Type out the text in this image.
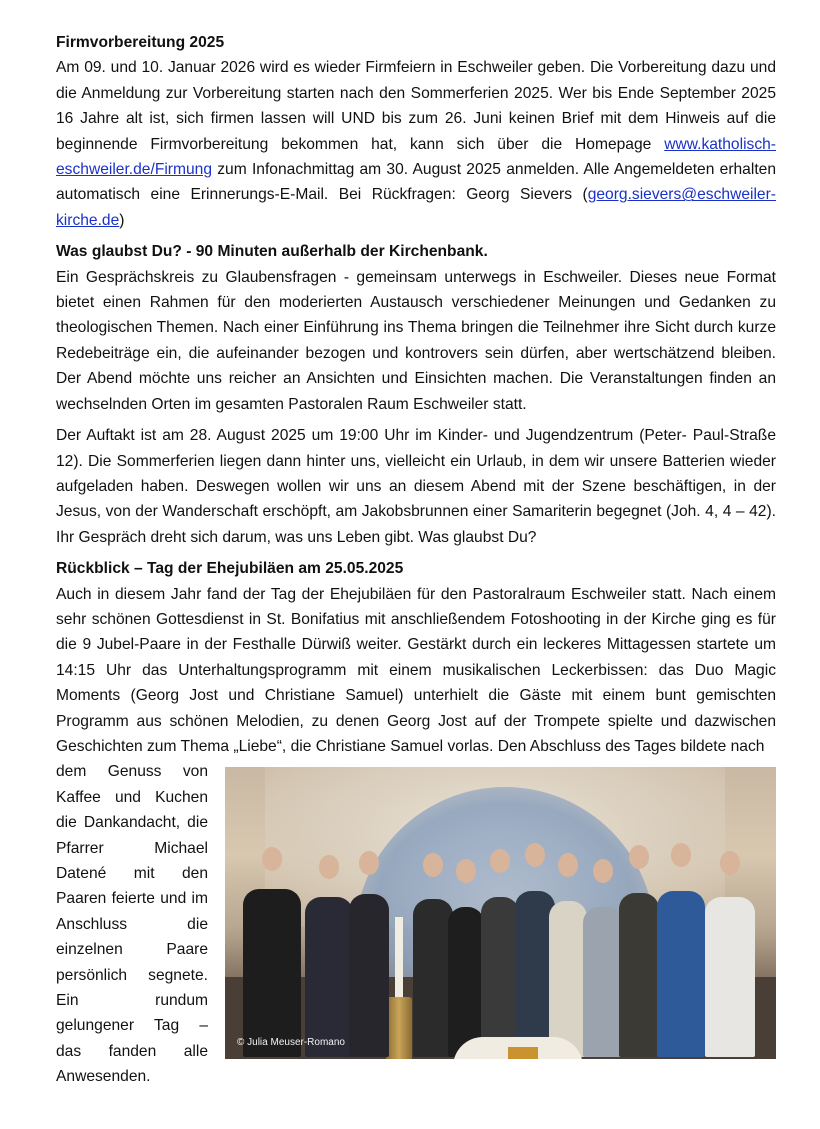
Firmvorbereitung 2025

Am 09. und 10. Januar 2026 wird es wieder Firmfeiern in Eschweiler geben. Die Vorbereitung dazu und die Anmeldung zur Vorbereitung starten nach den Sommerferien 2025. Wer bis Ende September 2025 16 Jahre alt ist, sich firmen lassen will UND bis zum 26. Juni keinen Brief mit dem Hinweis auf die beginnende Firmvorbereitung bekommen hat, kann sich über die Homepage www.katholisch-eschweiler.de/Firmung zum Infonachmittag am 30. August 2025 anmelden. Alle Angemeldeten erhalten automatisch eine Erinnerungs-E-Mail. Bei Rückfragen: Georg Sievers (georg.sievers@eschweiler-kirche.de)

Was glaubst Du? - 90 Minuten außerhalb der Kirchenbank.

Ein Gesprächskreis zu Glaubensfragen - gemeinsam unterwegs in Eschweiler. Dieses neue Format bietet einen Rahmen für den moderierten Austausch verschiedener Meinungen und Gedanken zu theologischen Themen. Nach einer Einführung ins Thema bringen die Teilnehmer ihre Sicht durch kurze Redebeiträge ein, die aufeinander bezogen und kontrovers sein dürfen, aber wertschätzend bleiben. Der Abend möchte uns reicher an Ansichten und Einsichten machen. Die Veranstaltungen finden an wechselnden Orten im gesamten Pastoralen Raum Eschweiler statt.

Der Auftakt ist am 28. August 2025 um 19:00 Uhr im Kinder- und Jugendzentrum (Peter- Paul-Straße 12). Die Sommerferien liegen dann hinter uns, vielleicht ein Urlaub, in dem wir unsere Batterien wieder aufgeladen haben. Deswegen wollen wir uns an diesem Abend mit der Szene beschäftigen, in der Jesus, von der Wanderschaft erschöpft, am Jakobsbrunnen einer Samariterin begegnet (Joh. 4, 4 – 42). Ihr Gespräch dreht sich darum, was uns Leben gibt. Was glaubst Du?

Rückblick – Tag der Ehejubiläen am 25.05.2025

Auch in diesem Jahr fand der Tag der Ehejubiläen für den Pastoralraum Eschweiler statt. Nach einem sehr schönen Gottesdienst in St. Bonifatius mit anschließendem Fotoshooting in der Kirche ging es für die 9 Jubel-Paare in der Festhalle Dürwiß weiter. Gestärkt durch ein leckeres Mittagessen startete um 14:15 Uhr das Unterhaltungsprogramm mit einem musikalischen Leckerbissen: das Duo Magic Moments (Georg Jost und Christiane Samuel) unterhielt die Gäste mit einem bunt gemischten Programm aus schönen Melodien, zu denen Georg Jost auf der Trompete spielte und dazwischen Geschichten zum Thema „Liebe“, die Christiane Samuel vorlas. Den Abschluss des Tages bildete nach

dem Genuss von
Kaffee und Kuchen
die Dankandacht, die
Pfarrer Michael
Datené mit den
Paaren feierte und im
Anschluss die
einzelnen Paare
persönlich segnete.
Ein rundum
gelungener Tag –
das fanden alle
Anwesenden.
© Julia Meuser-Romano
